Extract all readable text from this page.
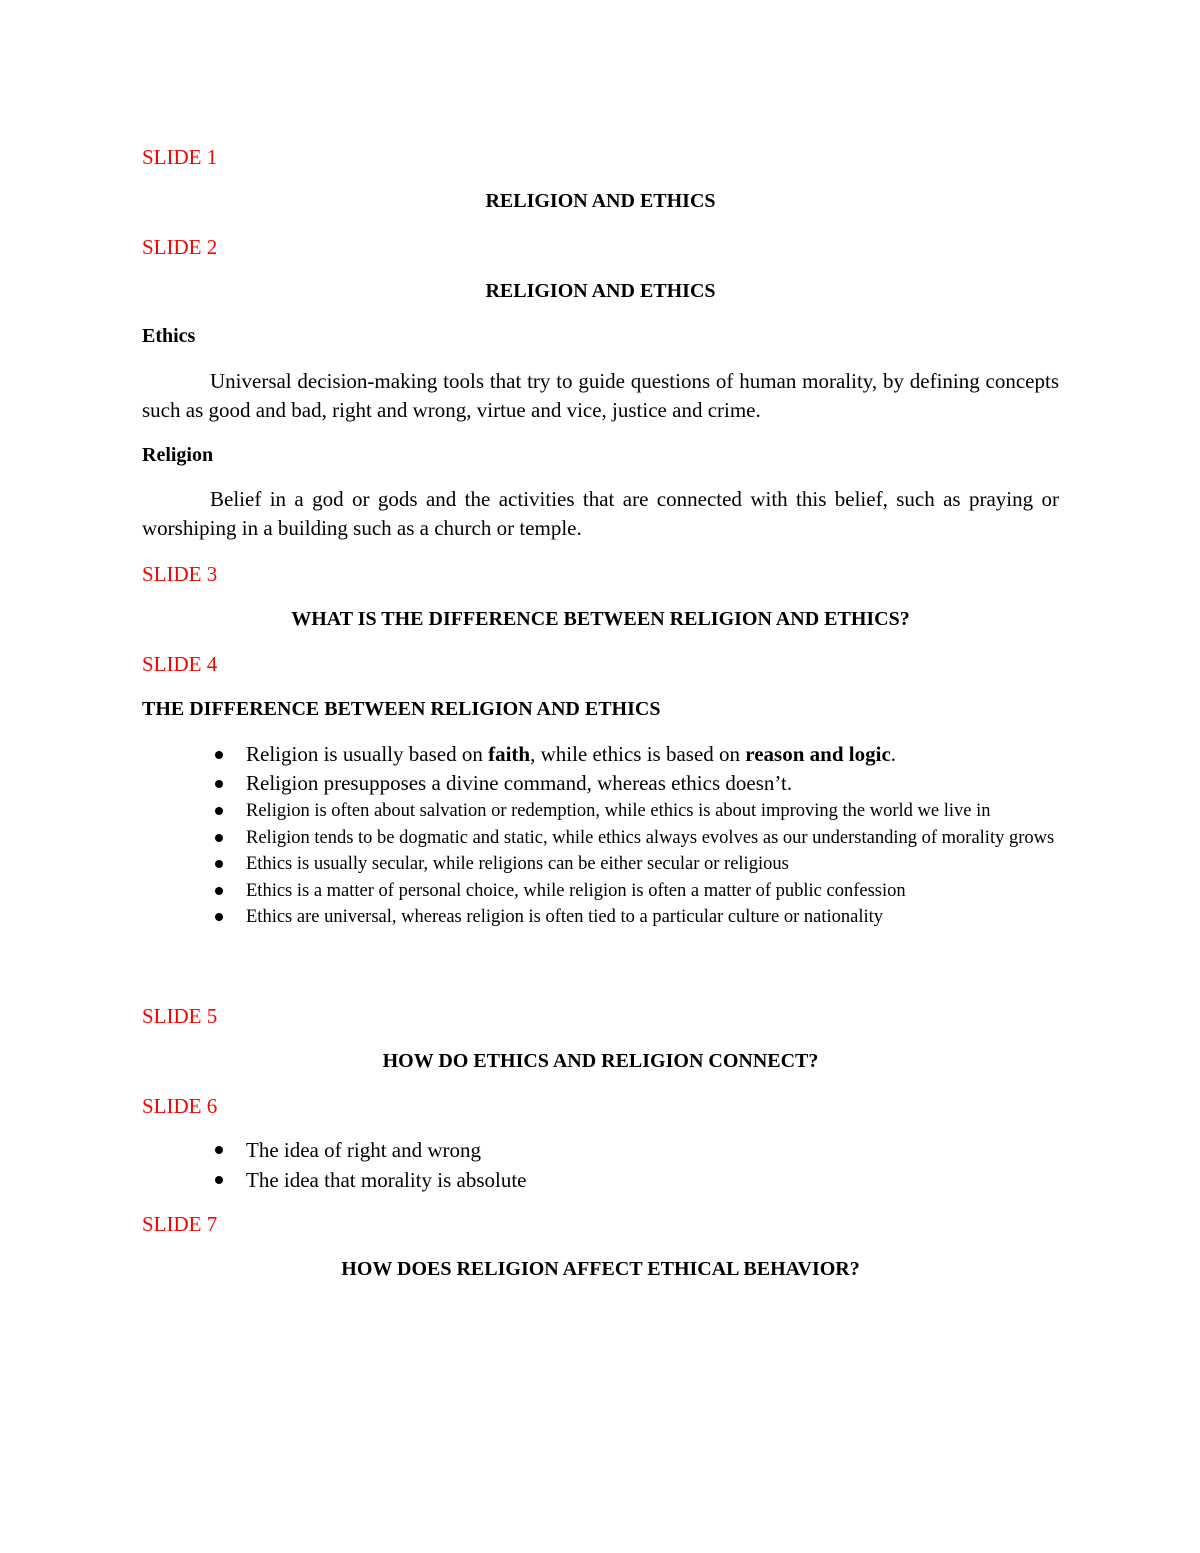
SLIDE 1

RELIGION AND ETHICS

SLIDE 2

RELIGION AND ETHICS

Ethics

Universal decision-making tools that try to guide questions of human morality, by defining concepts such as good and bad, right and wrong, virtue and vice, justice and crime.

Religion

Belief in a god or gods and the activities that are connected with this belief, such as praying or worshiping in a building such as a church or temple.

SLIDE 3

WHAT IS THE DIFFERENCE BETWEEN RELIGION AND ETHICS?

SLIDE 4

THE DIFFERENCE BETWEEN RELIGION AND ETHICS

Religion is usually based on faith, while ethics is based on reason and logic.
Religion presupposes a divine command, whereas ethics doesn’t.
Religion is often about salvation or redemption, while ethics is about improving the world we live in
Religion tends to be dogmatic and static, while ethics always evolves as our understanding of morality grows
Ethics is usually secular, while religions can be either secular or religious
Ethics is a matter of personal choice, while religion is often a matter of public confession
Ethics are universal, whereas religion is often tied to a particular culture or nationality

SLIDE 5

HOW DO ETHICS AND RELIGION CONNECT?

SLIDE 6

The idea of right and wrong
The idea that morality is absolute

SLIDE 7

HOW DOES RELIGION AFFECT ETHICAL BEHAVIOR?
